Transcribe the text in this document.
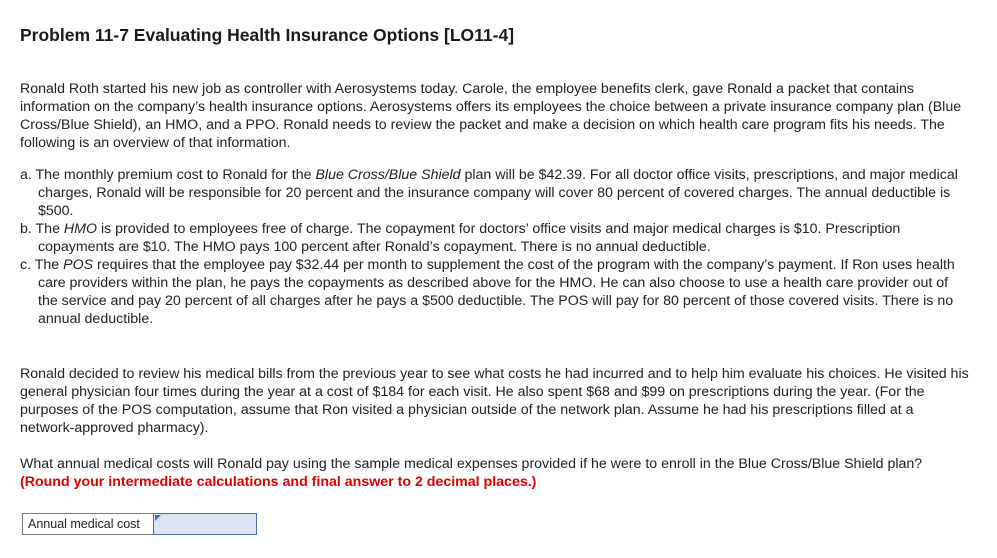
Problem 11-7 Evaluating Health Insurance Options [LO11-4]

Ronald Roth started his new job as controller with Aerosystems today. Carole, the employee benefits clerk, gave Ronald a packet that contains information on the company’s health insurance options. Aerosystems offers its employees the choice between a private insurance company plan (Blue Cross/Blue Shield), an HMO, and a PPO. Ronald needs to review the packet and make a decision on which health care program fits his needs. The following is an overview of that information.

a. The monthly premium cost to Ronald for the Blue Cross/Blue Shield plan will be $42.39. For all doctor office visits, prescriptions, and major medical charges, Ronald will be responsible for 20 percent and the insurance company will cover 80 percent of covered charges. The annual deductible is $500.

b. The HMO is provided to employees free of charge. The copayment for doctors’ office visits and major medical charges is $10. Prescription copayments are $10. The HMO pays 100 percent after Ronald’s copayment. There is no annual deductible.

c. The POS requires that the employee pay $32.44 per month to supplement the cost of the program with the company’s payment. If Ron uses health care providers within the plan, he pays the copayments as described above for the HMO. He can also choose to use a health care provider out of the service and pay 20 percent of all charges after he pays a $500 deductible. The POS will pay for 80 percent of those covered visits. There is no annual deductible.

Ronald decided to review his medical bills from the previous year to see what costs he had incurred and to help him evaluate his choices. He visited his general physician four times during the year at a cost of $184 for each visit. He also spent $68 and $99 on prescriptions during the year. (For the purposes of the POS computation, assume that Ron visited a physician outside of the network plan. Assume he had his prescriptions filled at a network-approved pharmacy).

What annual medical costs will Ronald pay using the sample medical expenses provided if he were to enroll in the Blue Cross/Blue Shield plan? (Round your intermediate calculations and final answer to 2 decimal places.)

Annual medical cost
